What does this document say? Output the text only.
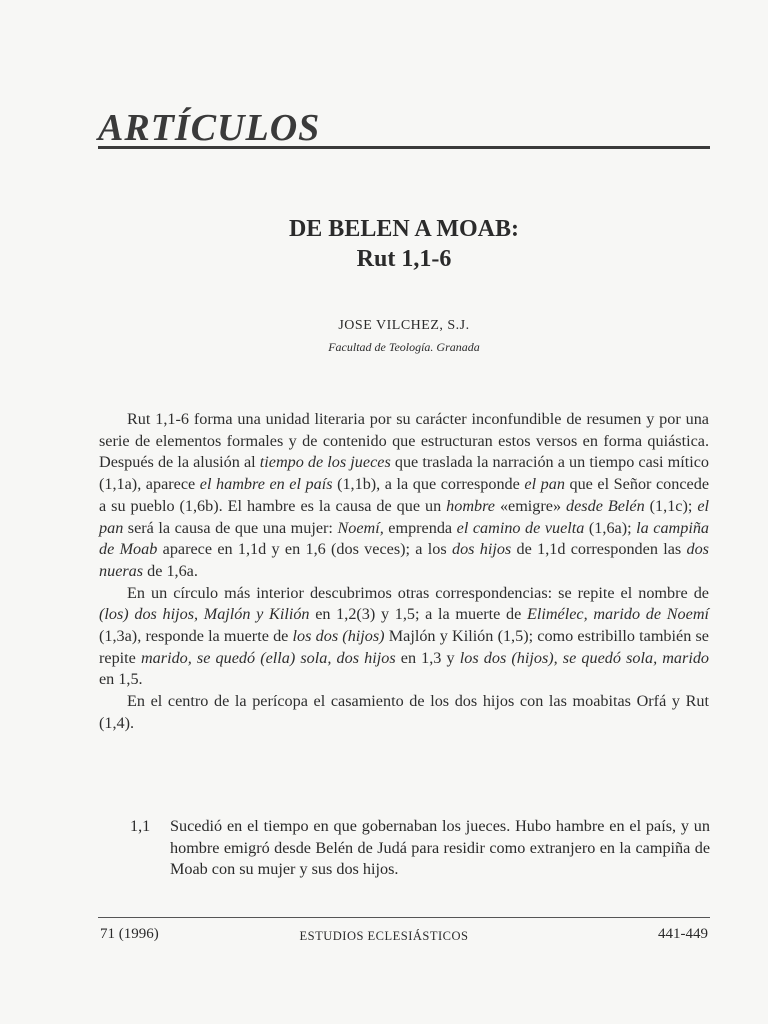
ARTÍCULOS
DE BELEN A MOAB:
Rut 1,1-6
JOSE VILCHEZ, S.J.
Facultad de Teología. Granada

Rut 1,1-6 forma una unidad literaria por su carácter inconfundible de resumen y por una serie de elementos formales y de contenido que estructuran estos versos en forma quiástica. Después de la alusión al tiempo de los jueces que traslada la narración a un tiempo casi mítico (1,1a), aparece el hambre en el país (1,1b), a la que corresponde el pan que el Señor concede a su pueblo (1,6b). El hambre es la causa de que un hombre «emigre» desde Belén (1,1c); el pan será la causa de que una mujer: Noemí, emprenda el camino de vuelta (1,6a); la campiña de Moab aparece en 1,1d y en 1,6 (dos veces); a los dos hijos de 1,1d corresponden las dos nueras de 1,6a.

En un círculo más interior descubrimos otras correspondencias: se repite el nombre de (los) dos hijos, Majlón y Kilión en 1,2(3) y 1,5; a la muerte de Elimélec, marido de Noemí (1,3a), responde la muerte de los dos (hijos) Majlón y Kilión (1,5); como estribillo también se repite marido, se quedó (ella) sola, dos hijos en 1,3 y los dos (hijos), se quedó sola, marido en 1,5.

En el centro de la perícopa el casamiento de los dos hijos con las moabitas Orfá y Rut (1,4).

1,1 Sucedió en el tiempo en que gobernaban los jueces. Hubo hambre en el país, y un hombre emigró desde Belén de Judá para residir como extranjero en la campiña de Moab con su mujer y sus dos hijos.
71 (1996)	ESTUDIOS ECLESIÁSTICOS	441-449
